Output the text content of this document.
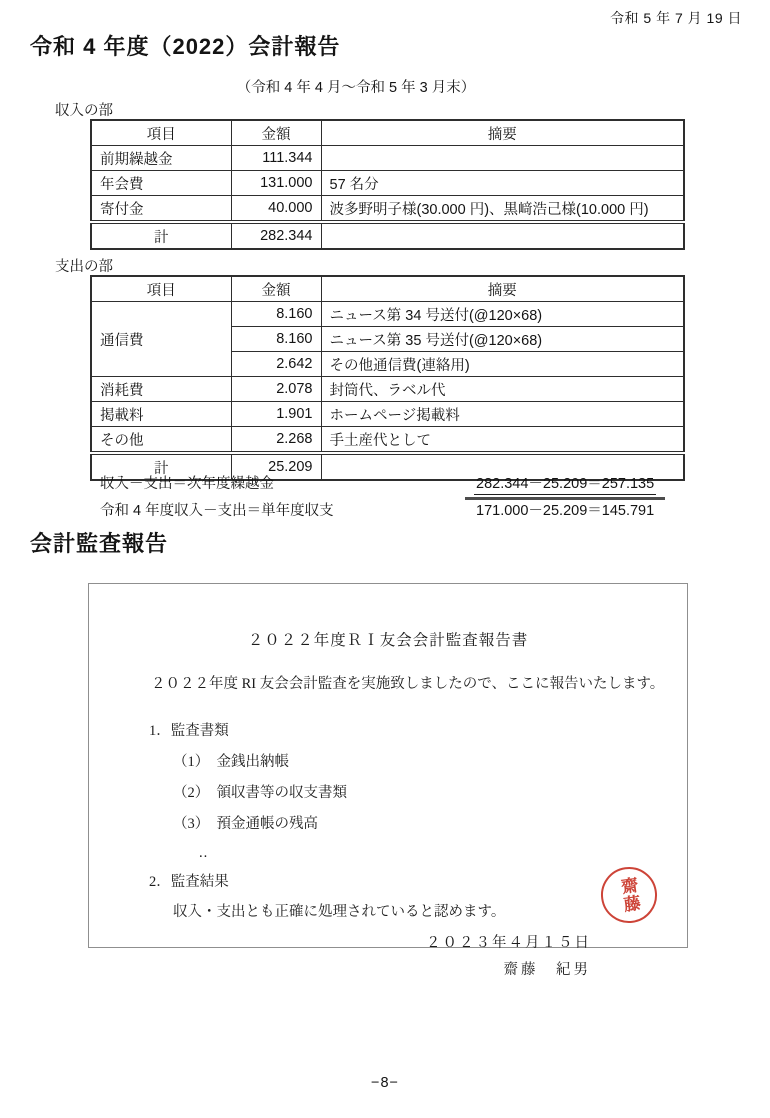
令和 5 年 7 月 19 日
令和 4 年度（2022）会計報告
（令和 4 年 4 月～令和 5 年 3 月末）
収入の部
項目	金額	摘要
前期繰越金	111.344	
年会費	131.000	57 名分
寄付金	40.000	波多野明子様(30.000 円)、黒﨑浩己様(10.000 円)
計	282.344	
支出の部
項目	金額	摘要
通信費	8.160	ニュース第 34 号送付(@120×68)
	8.160	ニュース第 35 号送付(@120×68)
	2.642	その他通信費(連絡用)
消耗費	2.078	封筒代、ラベル代
掲載料	1.901	ホームページ掲載料
その他	2.268	手土産代として
計	25.209	
収入－支出＝次年度繰越金	282.344－25.209＝257.135
令和 4 年度収入－支出＝単年度収支	171.000－25.209＝145.791
会計監査報告
２０２２年度ＲＩ友会会計監査報告書

２０２２年度 RI 友会会計監査を実施致しましたので、ここに報告いたします。

1．監査書類
（1）　金銭出納帳
（2）　領収書等の収支書類
（3）　預金通帳の残高
..
2．監査結果
収入・支出とも正確に処理されていると認めます。
２０２３年４月１５日
齋藤　紀男
齋藤
−8−
